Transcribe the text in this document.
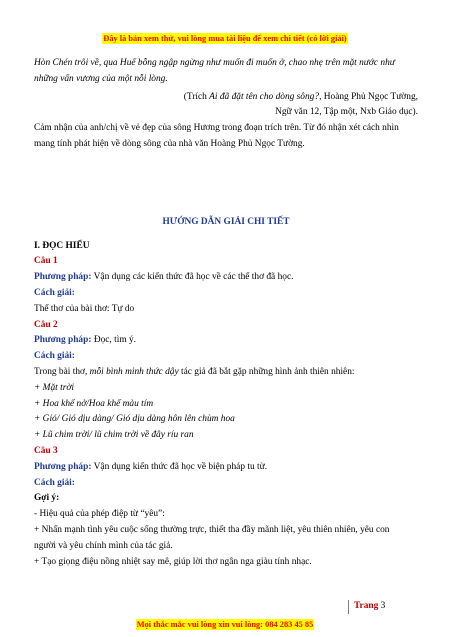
Đây là bản xem thử, vui lòng mua tài liệu để xem chi tiết (có lời giải)

Hòn Chén trôi về, qua Huế bỗng ngập ngừng như muốn đi muốn ở, chao nhẹ trên mặt nước như

những vấn vương của một nỗi lòng.

(Trích Ai đã đặt tên cho dòng sông?, Hoàng Phủ Ngọc Tường,

Ngữ văn 12, Tập một, Nxb Giáo dục).

Cảm nhận của anh/chị về vẻ đẹp của sông Hương trong đoạn trích trên. Từ đó nhận xét cách nhìn

mang tính phát hiện về dòng sông của nhà văn Hoàng Phủ Ngọc Tường.

HƯỚNG DẪN GIẢI CHI TIẾT

I. ĐỌC HIỂU

Câu 1

Phương pháp: Vận dụng các kiến thức đã học về các thể thơ đã học.

Cách giải:

Thể thơ của bài thơ: Tự do

Câu 2

Phương pháp: Đọc, tìm ý.

Cách giải:

Trong bài thơ, mỗi bình minh thức dậy tác giả đã bắt gặp những hình ảnh thiên nhiên:

+ Mặt trời

+ Hoa khế nở/Hoa khế màu tím

+ Gió/ Gió dịu dàng/ Gió dịu dàng hôn lên chùm hoa

+ Lũ chim trời/ lũ chim trời về đây ríu ran

Câu 3

Phương pháp: Vận dụng kiến thức đã học về biện pháp tu từ.

Cách giải:

Gợi ý:

- Hiệu quả của phép điệp từ “yêu”:

+ Nhấn mạnh tình yêu cuộc sống thường trực, thiết tha đầy mãnh liệt, yêu thiên nhiên, yêu con

người và yêu chính mình của tác giả.

+ Tạo giọng điệu nồng nhiệt say mê, giúp lời thơ ngân nga giàu tính nhạc.

Trang 3
Mọi thắc mắc vui lòng xin vui lòng: 084 283 45 85
